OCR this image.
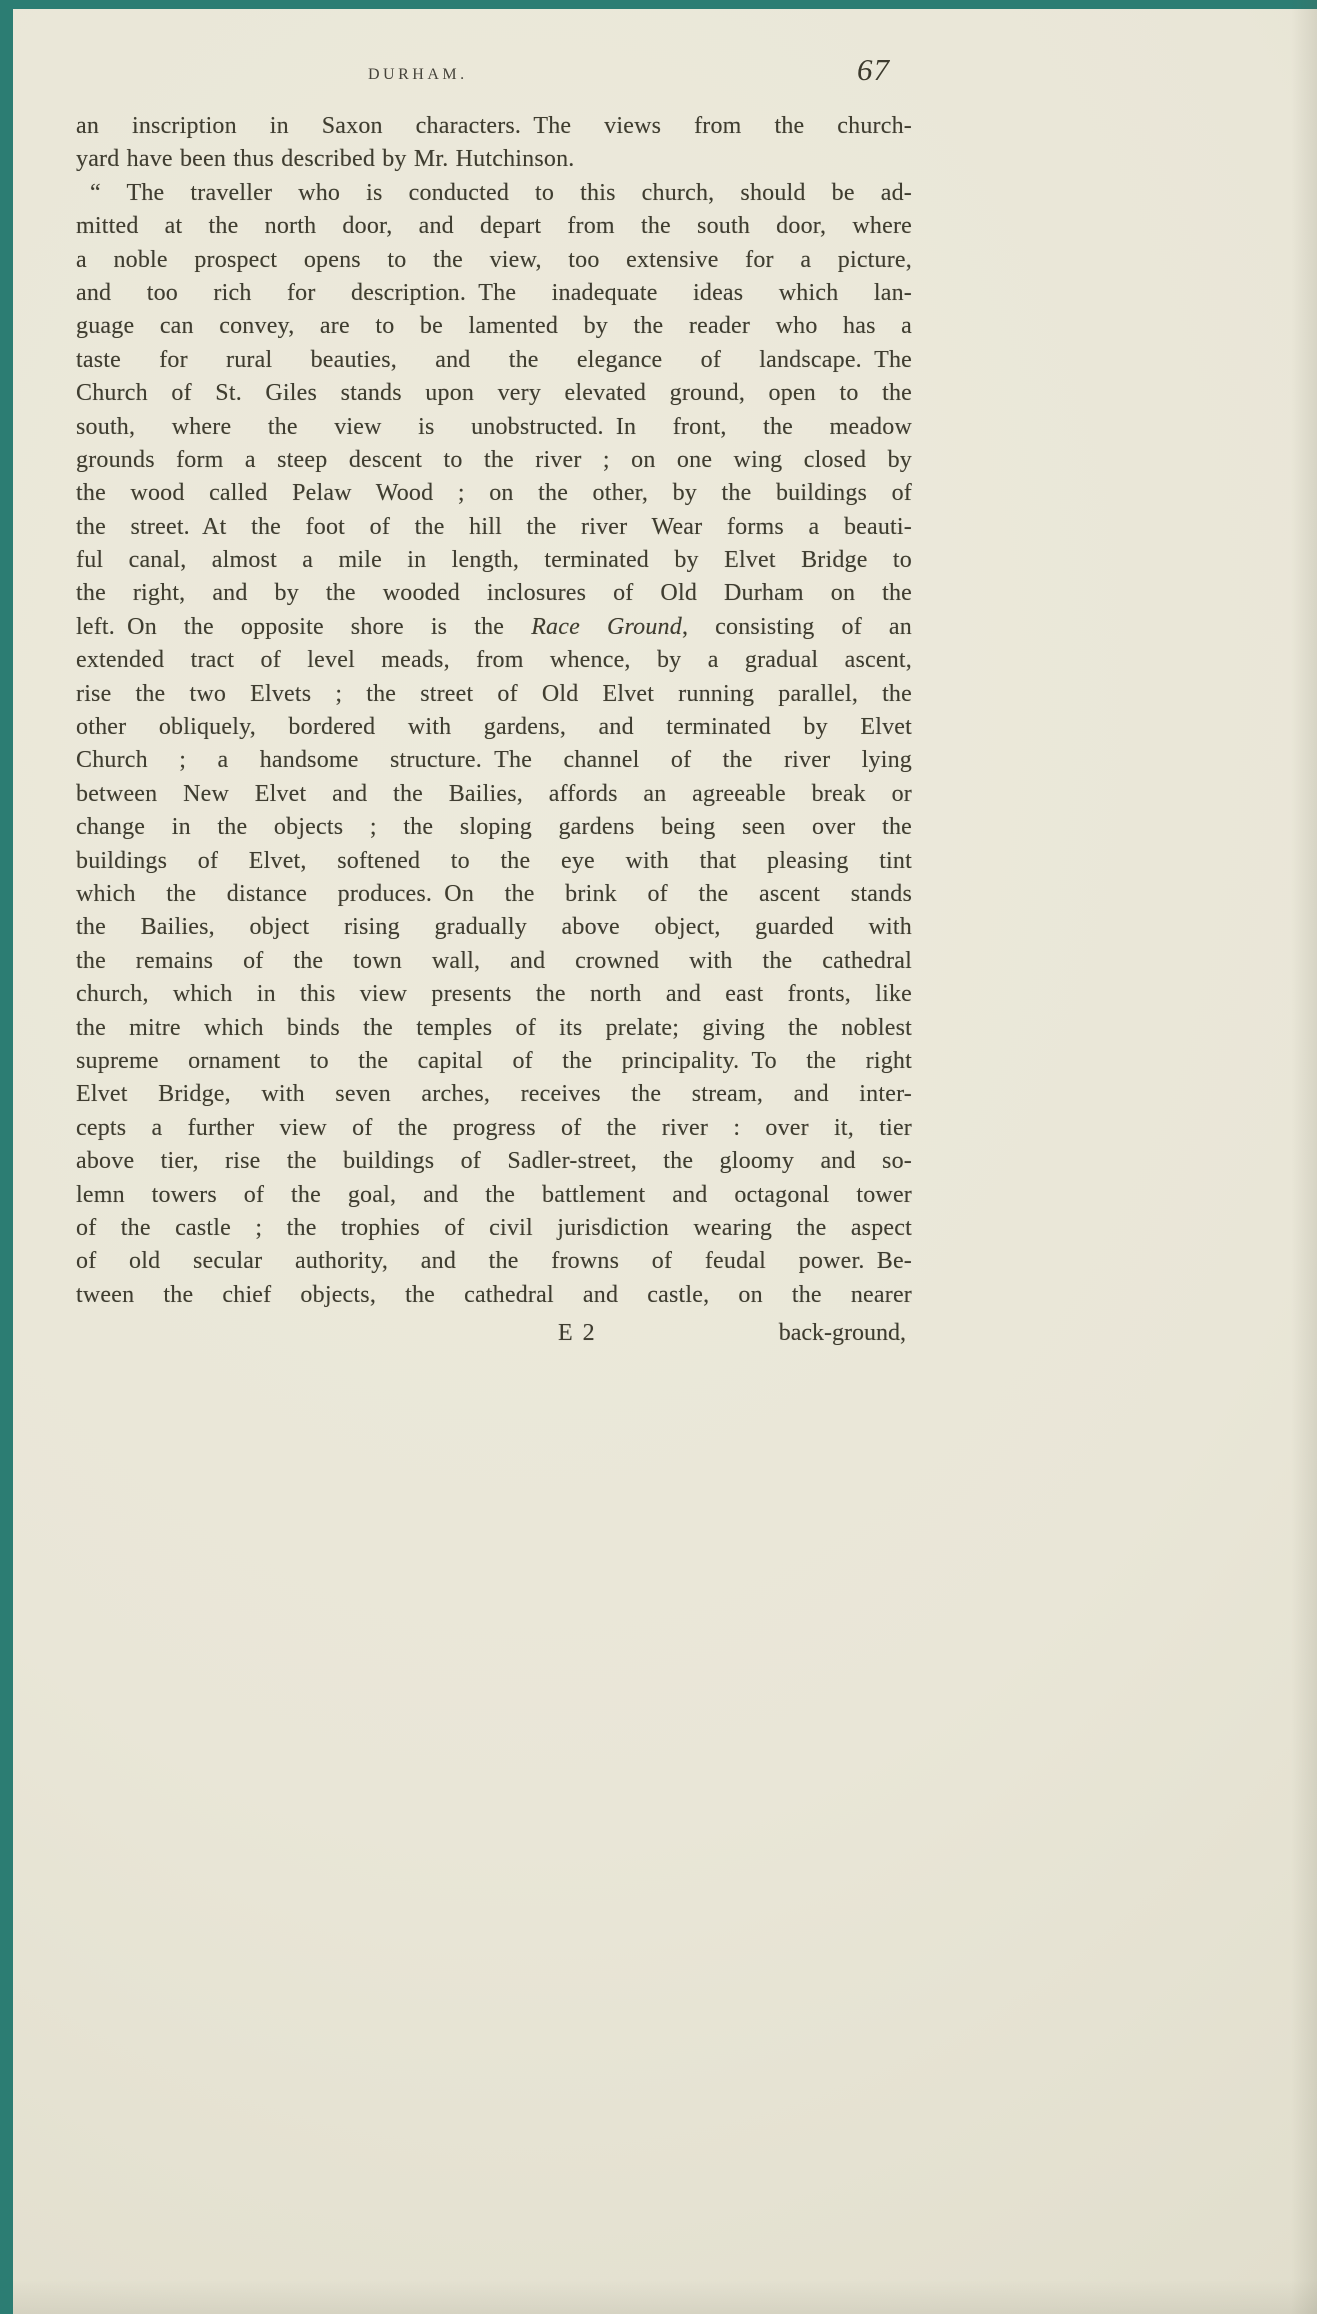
DURHAM.	67
an inscription in Saxon characters. The views from the church-
yard have been thus described by Mr. Hutchinson.
“ The traveller who is conducted to this church, should be ad-
mitted at the north door, and depart from the south door, where
a noble prospect opens to the view, too extensive for a picture,
and too rich for description. The inadequate ideas which lan-
guage can convey, are to be lamented by the reader who has a
taste for rural beauties, and the elegance of landscape. The
Church of St. Giles stands upon very elevated ground, open to the
south, where the view is unobstructed. In front, the meadow
grounds form a steep descent to the river ; on one wing closed by
the wood called Pelaw Wood ; on the other, by the buildings of
the street. At the foot of the hill the river Wear forms a beauti-
ful canal, almost a mile in length, terminated by Elvet Bridge to
the right, and by the wooded inclosures of Old Durham on the
left. On the opposite shore is the Race Ground, consisting of an
extended tract of level meads, from whence, by a gradual ascent,
rise the two Elvets ; the street of Old Elvet running parallel, the
other obliquely, bordered with gardens, and terminated by Elvet
Church ; a handsome structure. The channel of the river lying
between New Elvet and the Bailies, affords an agreeable break or
change in the objects ; the sloping gardens being seen over the
buildings of Elvet, softened to the eye with that pleasing tint
which the distance produces. On the brink of the ascent stands
the Bailies, object rising gradually above object, guarded with
the remains of the town wall, and crowned with the cathedral
church, which in this view presents the north and east fronts, like
the mitre which binds the temples of its prelate; giving the noblest
supreme ornament to the capital of the principality. To the right
Elvet Bridge, with seven arches, receives the stream, and inter-
cepts a further view of the progress of the river : over it, tier
above tier, rise the buildings of Sadler-street, the gloomy and so-
lemn towers of the goal, and the battlement and octagonal tower
of the castle ; the trophies of civil jurisdiction wearing the aspect
of old secular authority, and the frowns of feudal power. Be-
tween the chief objects, the cathedral and castle, on the nearer
E 2	back-ground,
